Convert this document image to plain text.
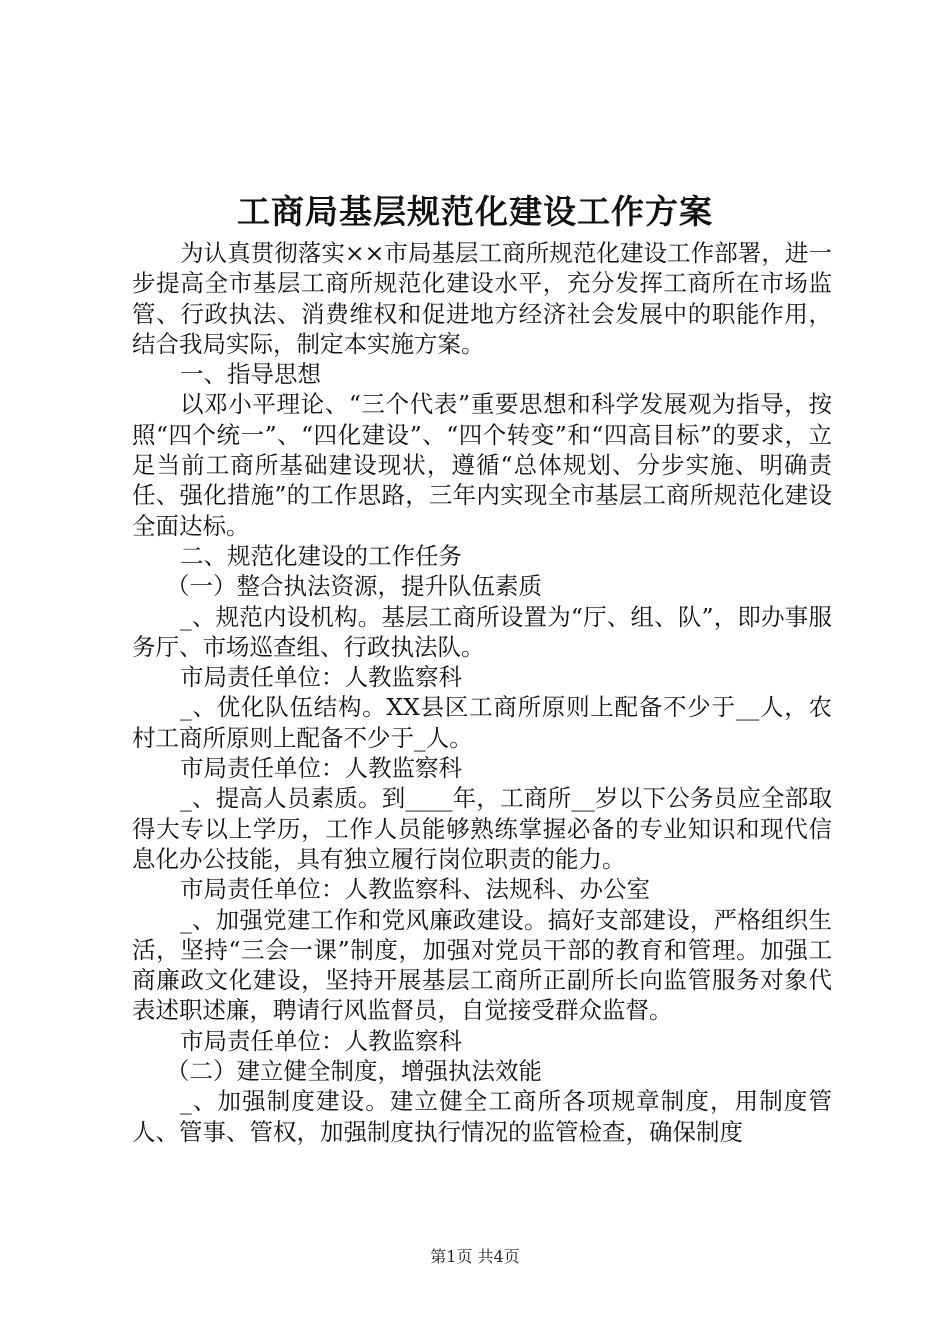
工商局基层规范化建设工作方案

为认真贯彻落实××市局基层工商所规范化建设工作部署，进一步提高全市基层工商所规范化建设水平，充分发挥工商所在市场监管、行政执法、消费维权和促进地方经济社会发展中的职能作用，结合我局实际，制定本实施方案。

一、指导思想

以邓小平理论、“三个代表”重要思想和科学发展观为指导，按照“四个统一”、“四化建设”、“四个转变”和“四高目标”的要求，立足当前工商所基础建设现状，遵循“总体规划、分步实施、明确责任、强化措施”的工作思路，三年内实现全市基层工商所规范化建设全面达标。

二、规范化建设的工作任务

（一）整合执法资源，提升队伍素质

_、规范内设机构。基层工商所设置为“厅、组、队”，即办事服务厅、市场巡查组、行政执法队。

市局责任单位：人教监察科

_、优化队伍结构。XX县区工商所原则上配备不少于__人，农村工商所原则上配备不少于_人。

市局责任单位：人教监察科

_、提高人员素质。到____年，工商所__岁以下公务员应全部取得大专以上学历，工作人员能够熟练掌握必备的专业知识和现代信息化办公技能，具有独立履行岗位职责的能力。

市局责任单位：人教监察科、法规科、办公室

_、加强党建工作和党风廉政建设。搞好支部建设，严格组织生活，坚持“三会一课”制度，加强对党员干部的教育和管理。加强工商廉政文化建设，坚持开展基层工商所正副所长向监管服务对象代表述职述廉，聘请行风监督员，自觉接受群众监督。

市局责任单位：人教监察科

（二）建立健全制度，增强执法效能

_、加强制度建设。建立健全工商所各项规章制度，用制度管人、管事、管权，加强制度执行情况的监管检查，确保制度

第1页 共4页
